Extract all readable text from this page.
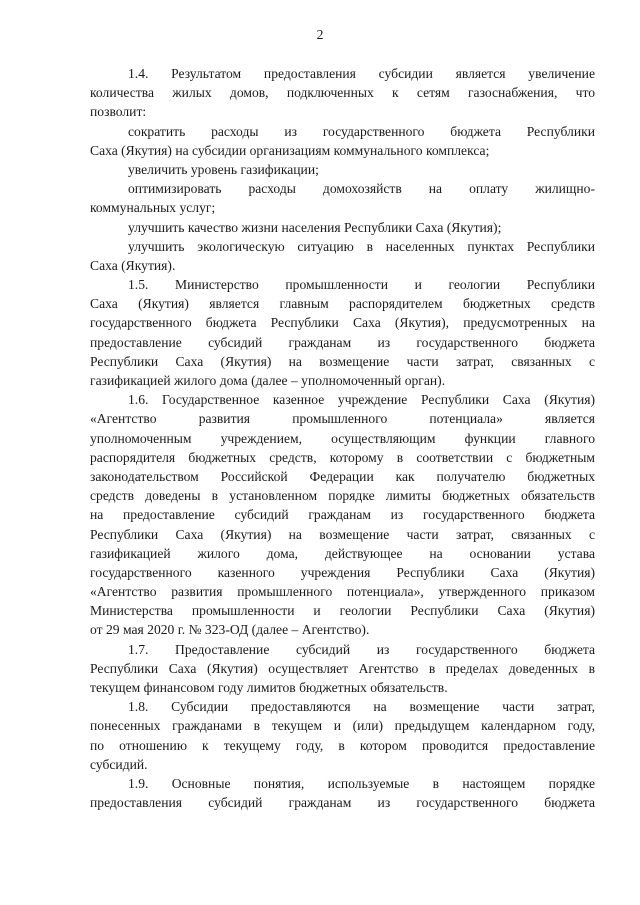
2
1.4. Результатом предоставления субсидии является увеличение
количества жилых домов, подключенных к сетям газоснабжения, что
позволит:
сократить расходы из государственного бюджета Республики
Саха (Якутия) на субсидии организациям коммунального комплекса;
увеличить уровень газификации;
оптимизировать расходы домохозяйств на оплату жилищно-
коммунальных услуг;
улучшить качество жизни населения Республики Саха (Якутия);
улучшить экологическую ситуацию в населенных пунктах Республики
Саха (Якутия).
1.5. Министерство промышленности и геологии Республики
Саха (Якутия) является главным распорядителем бюджетных средств
государственного бюджета Республики Саха (Якутия), предусмотренных на
предоставление субсидий гражданам из государственного бюджета
Республики Саха (Якутия) на возмещение части затрат, связанных с
газификацией жилого дома (далее – уполномоченный орган).
1.6. Государственное казенное учреждение Республики Саха (Якутия)
«Агентство развития промышленного потенциала» является
уполномоченным учреждением, осуществляющим функции главного
распорядителя бюджетных средств, которому в соответствии с бюджетным
законодательством Российской Федерации как получателю бюджетных
средств доведены в установленном порядке лимиты бюджетных обязательств
на предоставление субсидий гражданам из государственного бюджета
Республики Саха (Якутия) на возмещение части затрат, связанных с
газификацией жилого дома, действующее на основании устава
государственного казенного учреждения Республики Саха (Якутия)
«Агентство развития промышленного потенциала», утвержденного приказом
Министерства промышленности и геологии Республики Саха (Якутия)
от 29 мая 2020 г. № 323-ОД (далее – Агентство).
1.7. Предоставление субсидий из государственного бюджета
Республики Саха (Якутия) осуществляет Агентство в пределах доведенных в
текущем финансовом году лимитов бюджетных обязательств.
1.8. Субсидии предоставляются на возмещение части затрат,
понесенных гражданами в текущем и (или) предыдущем календарном году,
по отношению к текущему году, в котором проводится предоставление
субсидий.
1.9. Основные понятия, используемые в настоящем порядке
предоставления субсидий гражданам из государственного бюджета
